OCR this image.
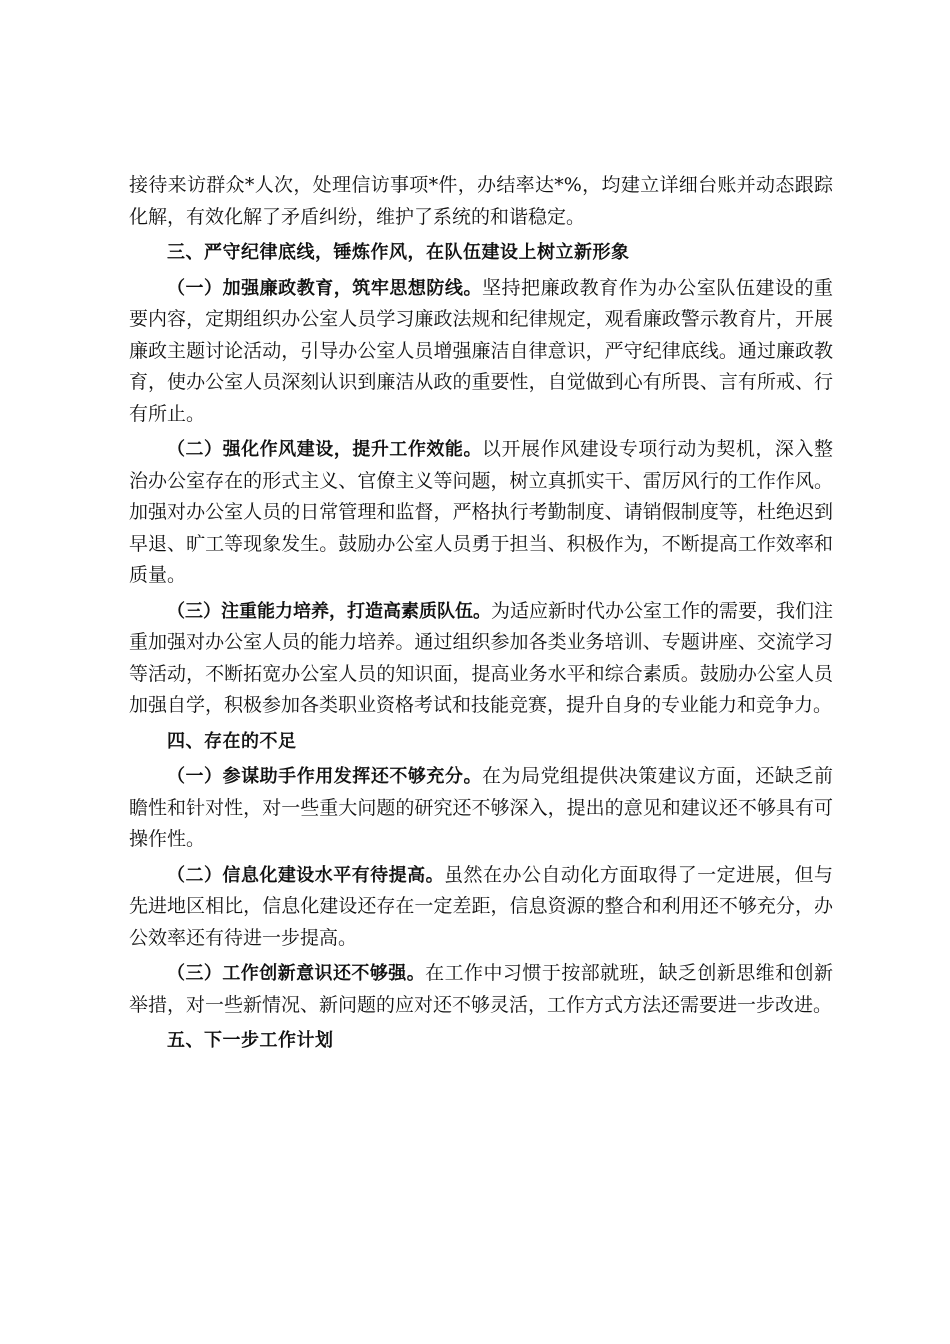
接待来访群众*人次，处理信访事项*件，办结率达*%，均建立详细台账并动态跟踪化解，有效化解了矛盾纠纷，维护了系统的和谐稳定。

三、严守纪律底线，锤炼作风，在队伍建设上树立新形象

（一）加强廉政教育，筑牢思想防线。坚持把廉政教育作为办公室队伍建设的重要内容，定期组织办公室人员学习廉政法规和纪律规定，观看廉政警示教育片，开展廉政主题讨论活动，引导办公室人员增强廉洁自律意识，严守纪律底线。通过廉政教育，使办公室人员深刻认识到廉洁从政的重要性，自觉做到心有所畏、言有所戒、行有所止。

（二）强化作风建设，提升工作效能。以开展作风建设专项行动为契机，深入整治办公室存在的形式主义、官僚主义等问题，树立真抓实干、雷厉风行的工作作风。加强对办公室人员的日常管理和监督，严格执行考勤制度、请销假制度等，杜绝迟到早退、旷工等现象发生。鼓励办公室人员勇于担当、积极作为，不断提高工作效率和质量。

（三）注重能力培养，打造高素质队伍。为适应新时代办公室工作的需要，我们注重加强对办公室人员的能力培养。通过组织参加各类业务培训、专题讲座、交流学习等活动，不断拓宽办公室人员的知识面，提高业务水平和综合素质。鼓励办公室人员加强自学，积极参加各类职业资格考试和技能竞赛，提升自身的专业能力和竞争力。

四、存在的不足

（一）参谋助手作用发挥还不够充分。在为局党组提供决策建议方面，还缺乏前瞻性和针对性，对一些重大问题的研究还不够深入，提出的意见和建议还不够具有可操作性。

（二）信息化建设水平有待提高。虽然在办公自动化方面取得了一定进展，但与先进地区相比，信息化建设还存在一定差距，信息资源的整合和利用还不够充分，办公效率还有待进一步提高。

（三）工作创新意识还不够强。在工作中习惯于按部就班，缺乏创新思维和创新举措，对一些新情况、新问题的应对还不够灵活，工作方式方法还需要进一步改进。

五、下一步工作计划
